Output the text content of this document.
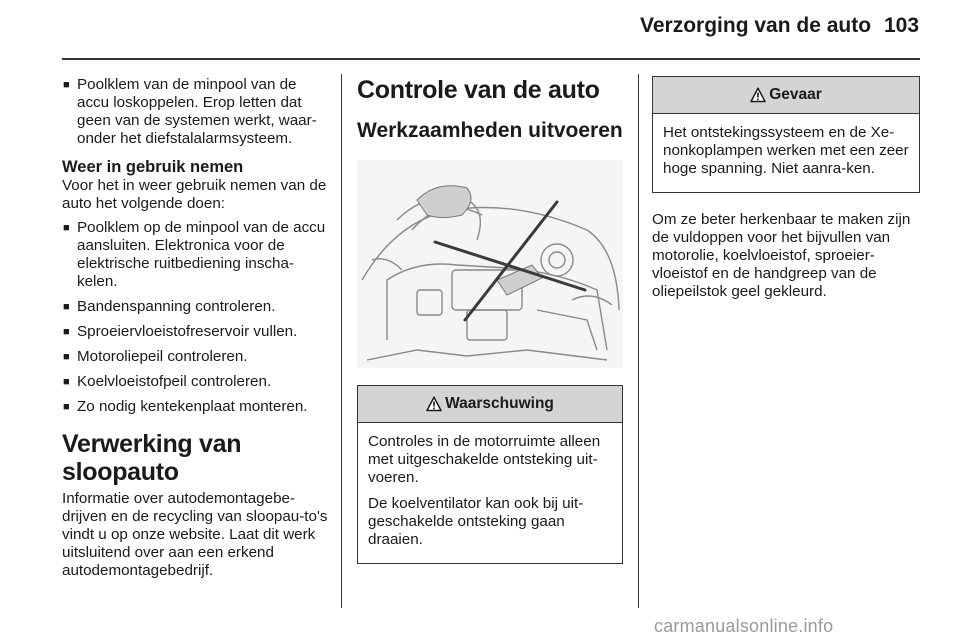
Verzorging van de auto 103
■ Poolklem van de minpool van de accu loskoppelen. Erop letten dat geen van de systemen werkt, waar-onder het diefstalalarmsysteem.
Weer in gebruik nemen

Voor het in weer gebruik nemen van de auto het volgende doen:

■ Poolklem op de minpool van de accu aansluiten. Elektronica voor de elektrische ruitbediening inscha-kelen.
■ Bandenspanning controleren.
■ Sproeiervloeistofreservoir vullen.
■ Motoroliepeil controleren.
■ Koelvloeistofpeil controleren.
■ Zo nodig kentekenplaat monteren.
Verwerking van sloopauto

Informatie over autodemontagebe-drijven en de recycling van sloopau-to's vindt u op onze website. Laat dit werk uitsluitend over aan een erkend autodemontagebedrijf.

Controle van de auto
Werkzaamheden uitvoeren
Waarschuwing

Controles in de motorruimte alleen met uitgeschakelde ontsteking uit-voeren.

De koelventilator kan ook bij uit-geschakelde ontsteking gaan draaien.

Gevaar

Het ontstekingssysteem en de Xe-nonkoplampen werken met een zeer hoge spanning. Niet aanra-ken.

Om ze beter herkenbaar te maken zijn de vuldoppen voor het bijvullen van motorolie, koelvloeistof, sproeier-vloeistof en de handgreep van de oliepeilstok geel gekleurd.

carmanualsonline.info
